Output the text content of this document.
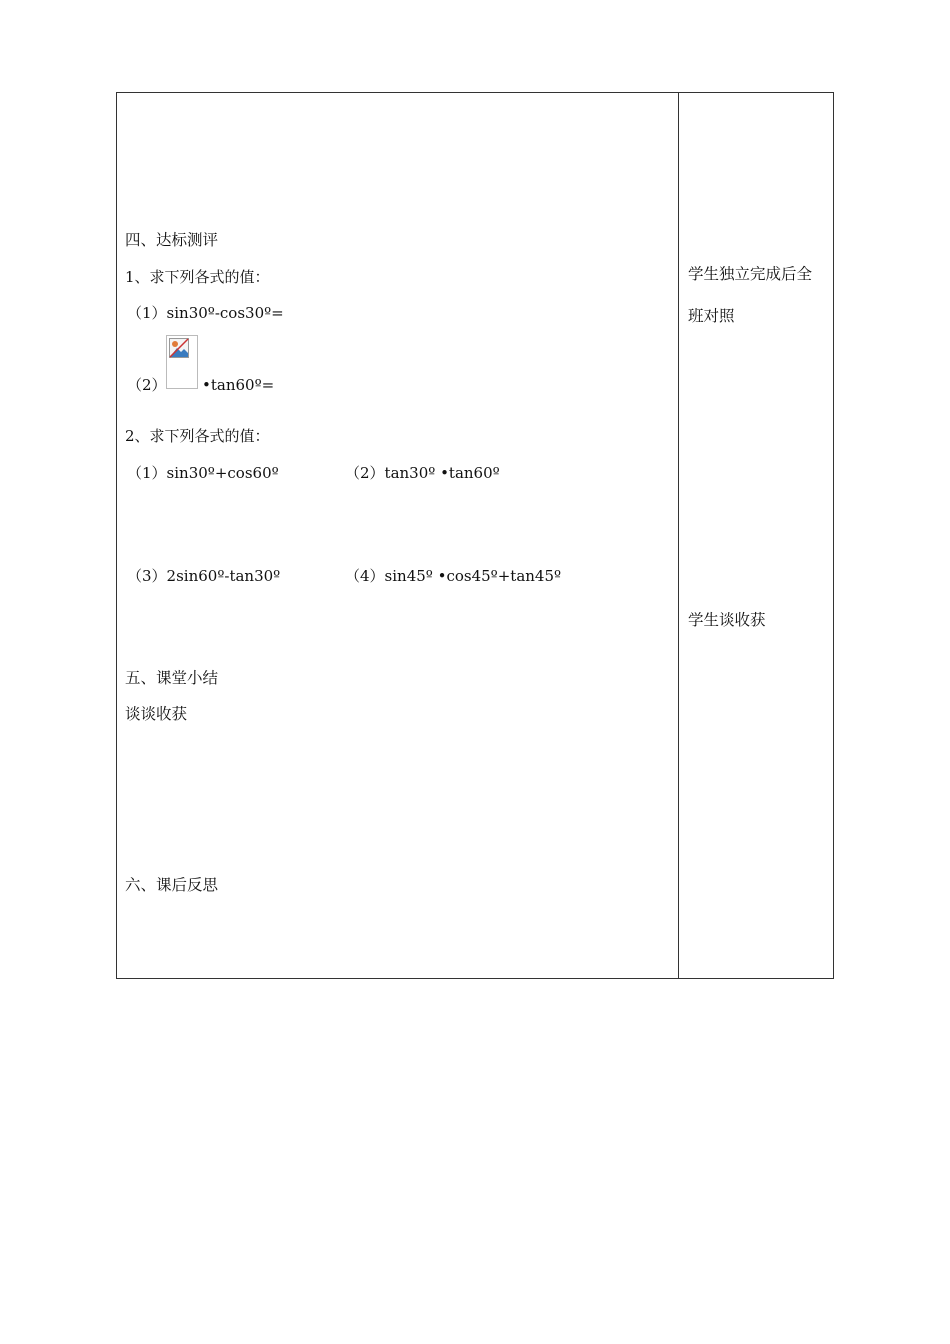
四、达标测评
1、求下列各式的值：
（1）sin30º-cos30º=
（2） •tan60º=
2、求下列各式的值：
（1）sin30º+cos60º	（2）tan30º •tan60º
（3）2sin60º-tan30º	（4）sin45º •cos45º+tan45º
五、课堂小结
谈谈收获
六、课后反思
学生独立完成后全
班对照
学生谈收获
